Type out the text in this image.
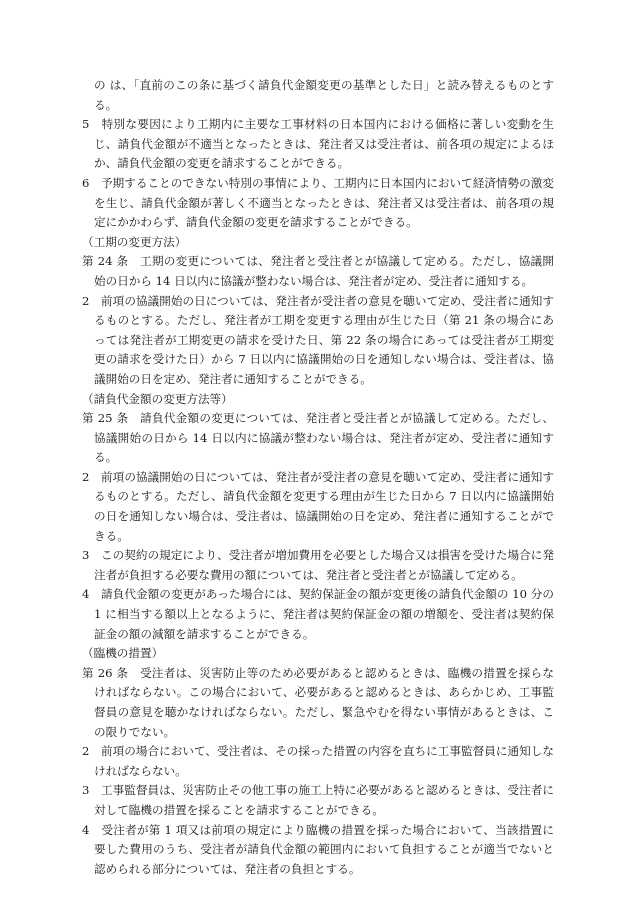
の は、「直前のこの条に基づく請負代金額変更の基準とした日」と読み替えるものとする。

5　特別な要因により工期内に主要な工事材料の日本国内における価格に著しい変動を生じ、請負代金額が不適当となったときは、発注者又は受注者は、前各項の規定によるほか、請負代金額の変更を請求することができる。

6　予期することのできない特別の事情により、工期内に日本国内において経済情勢の激変を生じ、請負代金額が著しく不適当となったときは、発注者又は受注者は、前各項の規定にかかわらず、請負代金額の変更を請求することができる。

（工期の変更方法）

第 24 条　工期の変更については、発注者と受注者とが協議して定める。ただし、協議開始の日から 14 日以内に協議が整わない場合は、発注者が定め、受注者に通知する。

2　前項の協議開始の日については、発注者が受注者の意見を聴いて定め、受注者に通知するものとする。ただし、発注者が工期を変更する理由が生じた日（第 21 条の場合にあっては発注者が工期変更の請求を受けた日、第 22 条の場合にあっては受注者が工期変更の請求を受けた日）から 7 日以内に協議開始の日を通知しない場合は、受注者は、協議開始の日を定め、発注者に通知することができる。

（請負代金額の変更方法等）

第 25 条　請負代金額の変更については、発注者と受注者とが協議して定める。ただし、協議開始の日から 14 日以内に協議が整わない場合は、発注者が定め、受注者に通知する。

2　前項の協議開始の日については、発注者が受注者の意見を聴いて定め、受注者に通知するものとする。ただし、請負代金額を変更する理由が生じた日から 7 日以内に協議開始の日を通知しない場合は、受注者は、協議開始の日を定め、発注者に通知することができる。

3　この契約の規定により、受注者が増加費用を必要とした場合又は損害を受けた場合に発注者が負担する必要な費用の額については、発注者と受注者とが協議して定める。

4　請負代金額の変更があった場合には、契約保証金の額が変更後の請負代金額の 10 分の 1 に相当する額以上となるように、発注者は契約保証金の額の増額を、受注者は契約保証金の額の減額を請求することができる。

（臨機の措置）

第 26 条　受注者は、災害防止等のため必要があると認めるときは、臨機の措置を採らなければならない。この場合において、必要があると認めるときは、あらかじめ、工事監督員の意見を聴かなければならない。ただし、緊急やむを得ない事情があるときは、この限りでない。

2　前項の場合において、受注者は、その採った措置の内容を直ちに工事監督員に通知しなければならない。

3　工事監督員は、災害防止その他工事の施工上特に必要があると認めるときは、受注者に対して臨機の措置を採ることを請求することができる。

4　受注者が第 1 項又は前項の規定により臨機の措置を採った場合において、当該措置に要した費用のうち、受注者が請負代金額の範囲内において負担することが適当でないと認められる部分については、発注者の負担とする。
